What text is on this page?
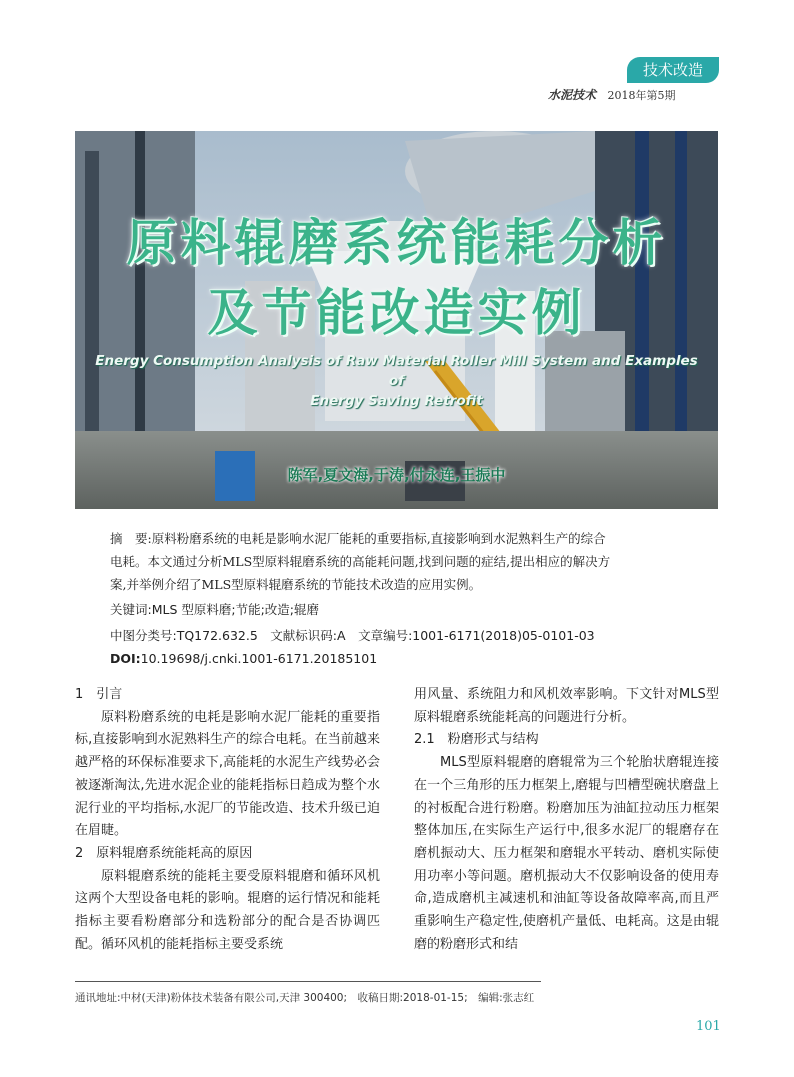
技术改造
水泥技术 2018年第5期
原料辊磨系统能耗分析
及节能改造实例
Energy Consumption Analysis of Raw Material Roller Mill System and Examples of
Energy Saving Retrofit
陈军,夏文海,于涛,付永连,王振中

摘　要:原料粉磨系统的电耗是影响水泥厂能耗的重要指标,直接影响到水泥熟料生产的综合

电耗。本文通过分析MLS型原料辊磨系统的高能耗问题,找到问题的症结,提出相应的解决方

案,并举例介绍了MLS型原料辊磨系统的节能技术改造的应用实例。

关键词:MLS 型原料磨;节能;改造;辊磨
中图分类号:TQ172.632.5　文献标识码:A　文章编号:1001-6171(2018)05-0101-03
DOI:10.19698/j.cnki.1001-6171.20185101

1　引言

原料粉磨系统的电耗是影响水泥厂能耗的重要指标,直接影响到水泥熟料生产的综合电耗。在当前越来越严格的环保标准要求下,高能耗的水泥生产线势必会被逐渐淘汰,先进水泥企业的能耗指标日趋成为整个水泥行业的平均指标,水泥厂的节能改造、技术升级已迫在眉睫。

2　原料辊磨系统能耗高的原因

原料辊磨系统的能耗主要受原料辊磨和循环风机这两个大型设备电耗的影响。辊磨的运行情况和能耗指标主要看粉磨部分和选粉部分的配合是否协调匹配。循环风机的能耗指标主要受系统

用风量、系统阻力和风机效率影响。下文针对MLS型原料辊磨系统能耗高的问题进行分析。

2.1　粉磨形式与结构

MLS型原料辊磨的磨辊常为三个轮胎状磨辊连接在一个三角形的压力框架上,磨辊与凹槽型碗状磨盘上的衬板配合进行粉磨。粉磨加压为油缸拉动压力框架整体加压,在实际生产运行中,很多水泥厂的辊磨存在磨机振动大、压力框架和磨辊水平转动、磨机实际使用功率小等问题。磨机振动大不仅影响设备的使用寿命,造成磨机主减速机和油缸等设备故障率高,而且严重影响生产稳定性,使磨机产量低、电耗高。这是由辊磨的粉磨形式和结

通讯地址:中材(天津)粉体技术装备有限公司,天津 300400;　收稿日期:2018-01-15;　编辑:张志红
101
